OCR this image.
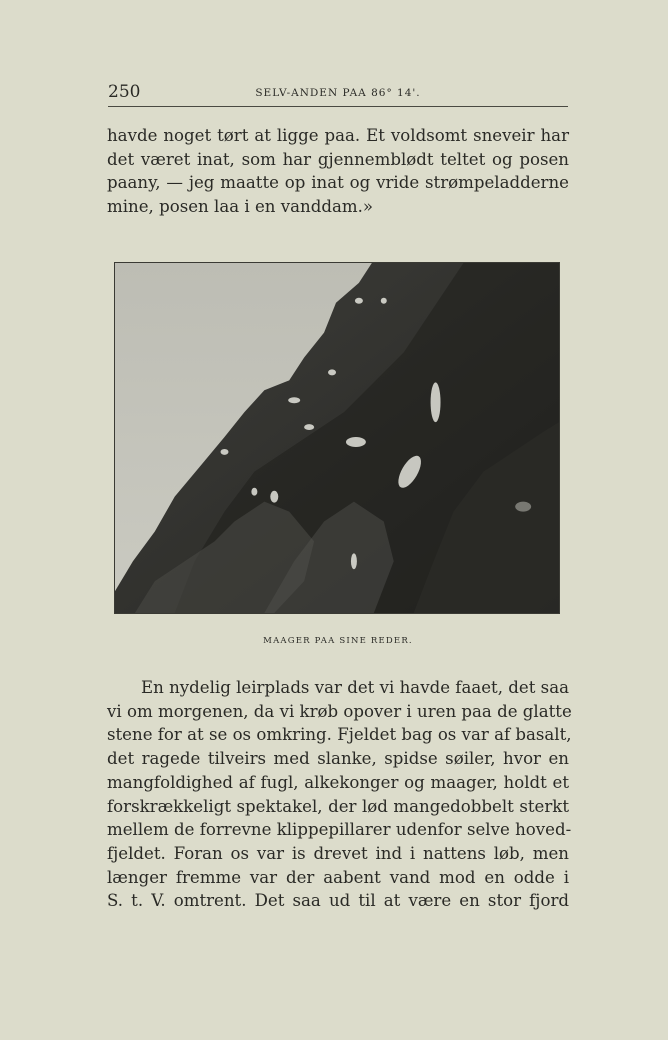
250	SELV-ANDEN PAA 86° 14'.
havde noget tørt at ligge paa. Et voldsomt sneveir har
det været inat, som har gjennemblødt teltet og posen
paany, — jeg maatte op inat og vride strømpeladderne
mine, posen laa i en vanddam.»
MAAGER PAA SINE REDER.
En nydelig leirplads var det vi havde faaet, det saa
vi om morgenen, da vi krøb opover i uren paa de glatte
stene for at se os omkring. Fjeldet bag os var af basalt,
det ragede tilveirs med slanke, spidse søiler, hvor en
mangfoldighed af fugl, alkekonger og maager, holdt et
forskrækkeligt spektakel, der lød mangedobbelt sterkt
mellem de forrevne klippepillarer udenfor selve hoved-
fjeldet. Foran os var is drevet ind i nattens løb, men
længer fremme var der aabent vand mod en odde i
S. t. V. omtrent. Det saa ud til at være en stor fjord
